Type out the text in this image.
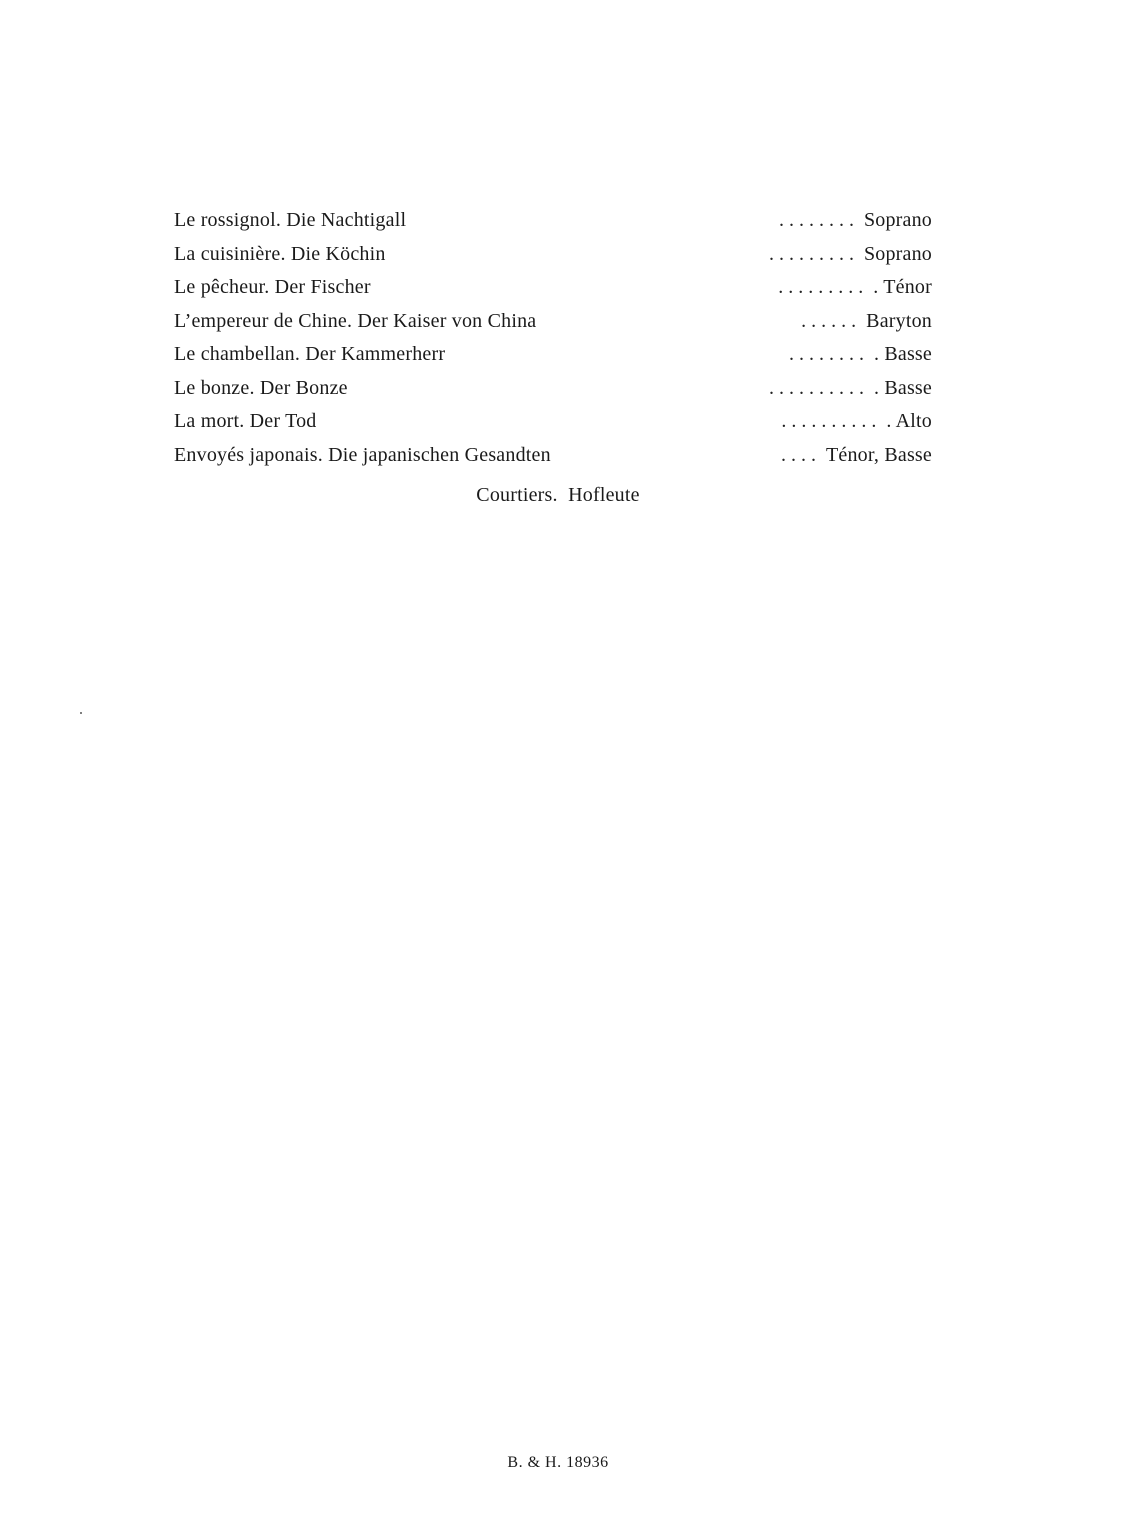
Le rossignol. Die Nachtigall	. . . . . . . . Soprano
La cuisinière. Die Köchin	. . . . . . . . . Soprano
Le pêcheur. Der Fischer	. . . . . . . . . . Ténor
L’empereur de Chine. Der Kaiser von China	. . . . . . Baryton
Le chambellan. Der Kammerherr	. . . . . . . . . Basse
Le bonze. Der Bonze	. . . . . . . . . . . Basse
La mort. Der Tod	. . . . . . . . . . . Alto
Envoyés japonais. Die japanischen Gesandten	. . . . Ténor, Basse
Courtiers.  Hofleute
B. & H. 18936
